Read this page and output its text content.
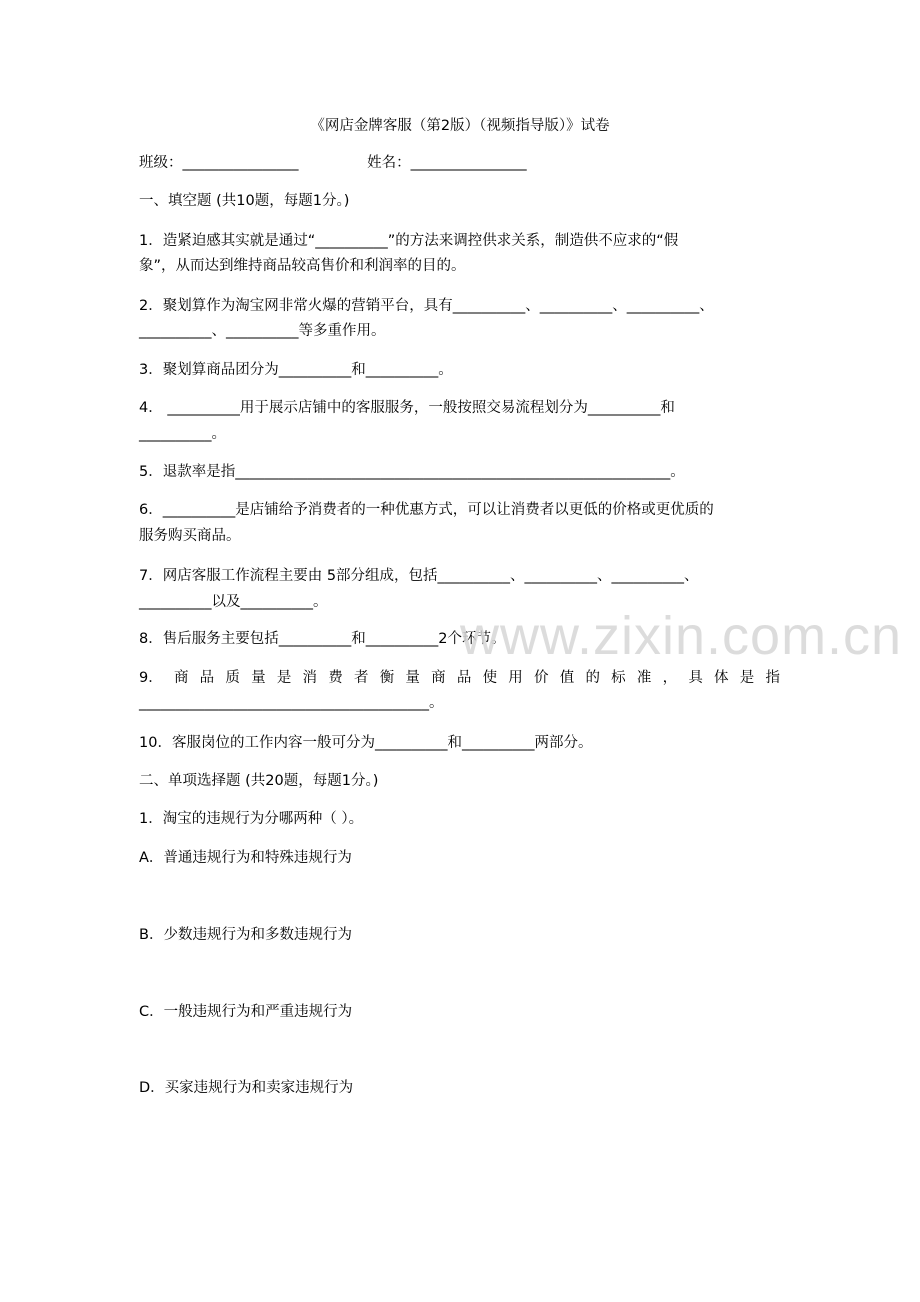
《网店金牌客服（第2版）（视频指导版）》试卷
班级：________________	姓名：________________
一、填空题 (共10题，每题1分。)
1．造紧迫感其实就是通过“__________”的方法来调控供求关系，制造供不应求的“假
象”，从而达到维持商品较高售价和利润率的目的。
2．聚划算作为淘宝网非常火爆的营销平台，具有__________、__________、__________、
__________、__________等多重作用。
3．聚划算商品团分为__________和__________。
4． __________用于展示店铺中的客服服务，一般按照交易流程划分为__________和
__________。
5．退款率是指____________________________________________________________。
6．__________是店铺给予消费者的一种优惠方式，可以让消费者以更低的价格或更优质的
服务购买商品。
7．网店客服工作流程主要由 5部分组成，包括__________、__________、__________、
__________以及__________。
8．售后服务主要包括__________和__________2个环节。
9． 商 品 质 量 是 消 费 者 衡 量 商 品 使 用 价 值 的 标 准 ， 具 体 是 指
________________________________________。
10．客服岗位的工作内容一般可分为__________和__________两部分。
二、单项选择题 (共20题，每题1分。)
1．淘宝的违规行为分哪两种（ ）。
A．普通违规行为和特殊违规行为
B．少数违规行为和多数违规行为
C．一般违规行为和严重违规行为
D．买家违规行为和卖家违规行为
www.zixin.com.cn
